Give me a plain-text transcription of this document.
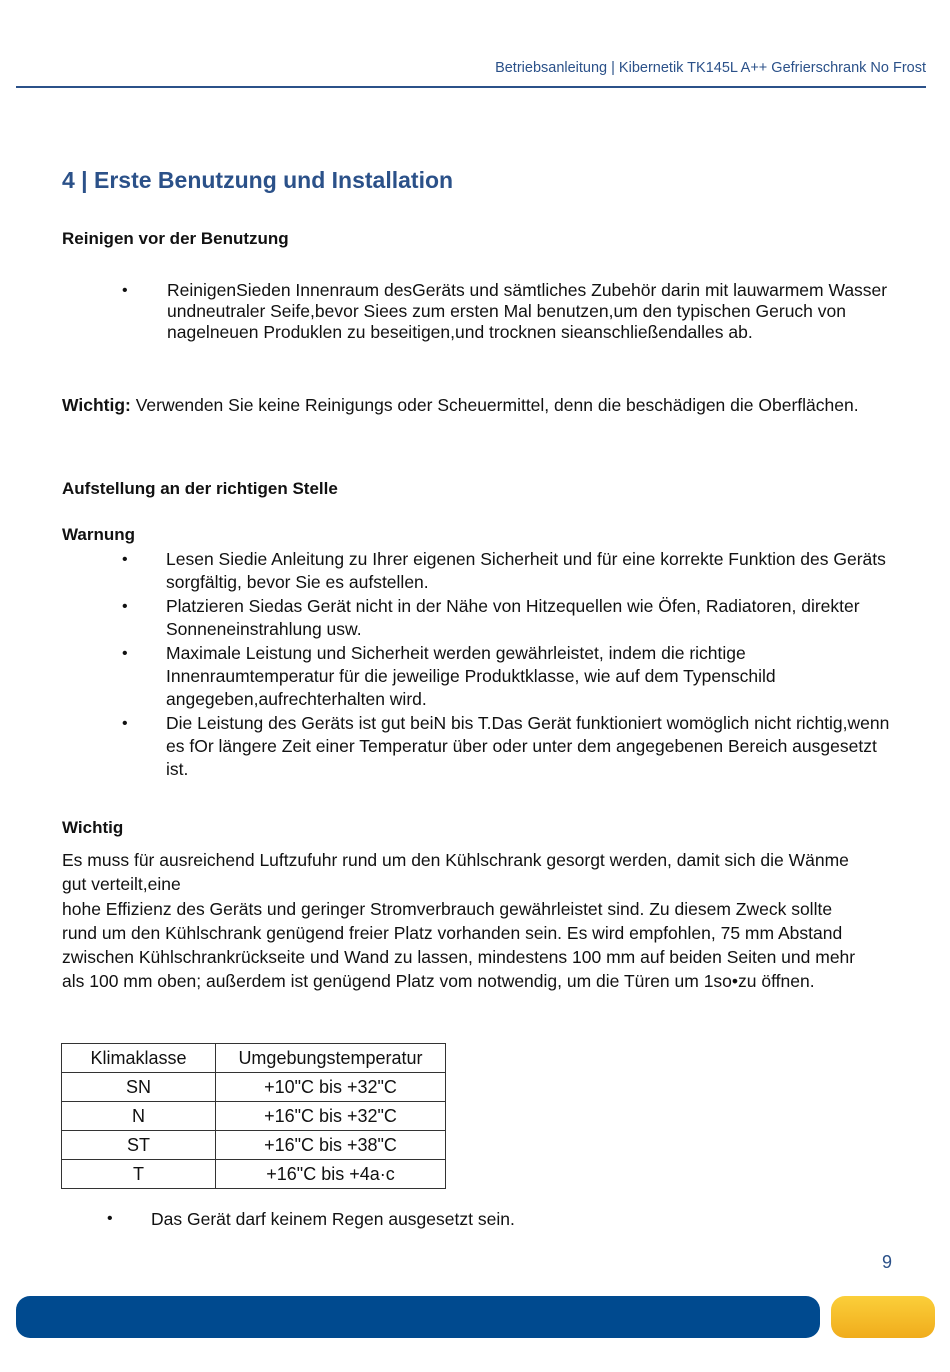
Betriebsanleitung | Kibernetik TK145L A++ Gefrierschrank No Frost
4 | Erste Benutzung und Installation
Reinigen vor der Benutzung
• ReinigenSieden Innenraum desGeräts und sämtliches Zubehör darin mit lauwarmem Wasser undneutraler Seife,bevor Siees zum ersten Mal benutzen,um den typischen Geruch von nagelneuen Produklen zu beseitigen,und trocknen sieanschließendalles ab.

Wichtig: Verwenden Sie keine Reinigungs oder Scheuermittel, denn die beschädigen die Oberflächen.

Aufstellung an der richtigen Stelle
Warnung
• Lesen Siedie Anleitung zu Ihrer eigenen Sicherheit und für eine korrekte Funktion des Geräts sorgfältig, bevor Sie es aufstellen.
• Platzieren Siedas Gerät nicht in der Nähe von Hitzequellen wie Öfen, Radiatoren, direkter Sonneneinstrahlung usw.
• Maximale Leistung und Sicherheit werden gewährleistet, indem die richtige Innenraumtemperatur für die jeweilige Produktklasse, wie auf dem Typenschild angegeben,aufrechterhalten wird.
• Die Leistung des Geräts ist gut beiN bis T.Das Gerät funktioniert womöglich nicht richtig,wenn es fOr längere Zeit einer Temperatur über oder unter dem angegebenen Bereich ausgesetzt ist.
Wichtig

Es muss für ausreichend Luftzufuhr rund um den Kühlschrank gesorgt werden, damit sich die Wänme gut verteilt,eine

hohe Effizienz des Geräts und geringer Stromverbrauch gewährleistet sind. Zu diesem Zweck sollte rund um den Kühlschrank genügend freier Platz vorhanden sein. Es wird empfohlen, 75 mm Abstand zwischen Kühlschrankrückseite und Wand zu lassen, mindestens 100 mm auf beiden Seiten und mehr als 100 mm oben; außerdem ist genügend Platz vom notwendig, um die Türen um 1so•zu öffnen.

Klimaklasse	Umgebungstemperatur
SN	+10"C bis +32"C
N	+16"C bis +32"C
ST	+16"C bis +38"C
T	+16"C bis +4a·c
• Das Gerät darf keinem Regen ausgesetzt sein.
9
